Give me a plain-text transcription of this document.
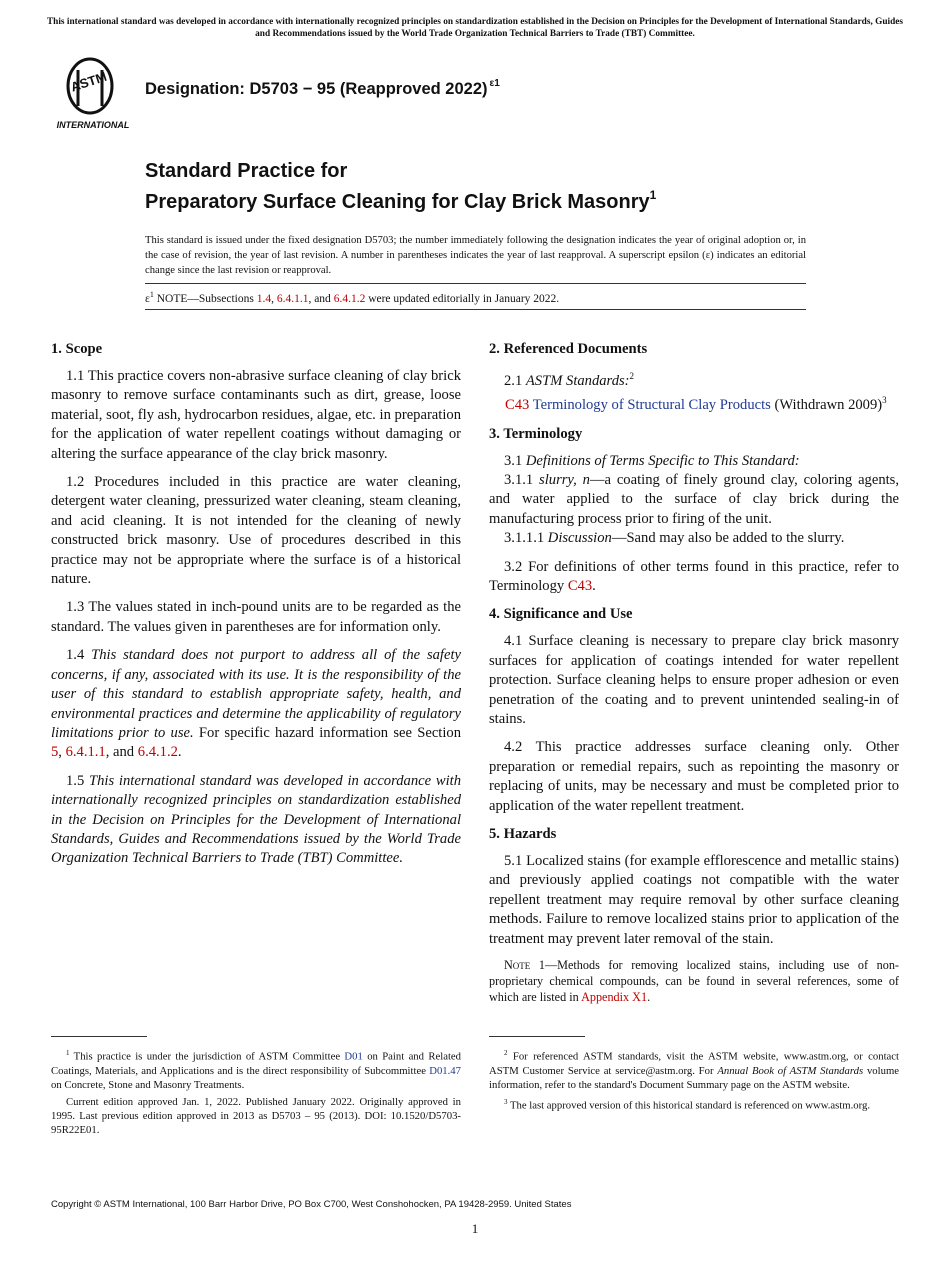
This international standard was developed in accordance with internationally recognized principles on standardization established in the Decision on Principles for the Development of International Standards, Guides and Recommendations issued by the World Trade Organization Technical Barriers to Trade (TBT) Committee.
ASTM
INTERNATIONAL
Designation: D5703 − 95 (Reapproved 2022) $^{\varepsilon 1}$
Standard Practice for
Preparatory Surface Cleaning for Clay Brick Masonry$^1$
This standard is issued under the fixed designation D5703; the number immediately following the designation indicates the year of original adoption or, in the case of revision, the year of last revision. A number in parentheses indicates the year of last reapproval. A superscript epsilon (ε) indicates an editorial change since the last revision or reapproval.
$\varepsilon^1$ NOTE—Subsections 1.4, 6.4.1.1, and 6.4.1.2 were updated editorially in January 2022.
1. Scope

1.1 This practice covers non-abrasive surface cleaning of clay brick masonry to remove surface contaminants such as dirt, grease, loose material, soot, fly ash, hydrocarbon residues, algae, etc. in preparation for the application of water repellent coatings without damaging or altering the surface appearance of the clay brick masonry.

1.2 Procedures included in this practice are water cleaning, detergent water cleaning, pressurized water cleaning, steam cleaning, and acid cleaning. It is not intended for the cleaning of newly constructed brick masonry. Use of procedures described in this practice may not be appropriate where the surface is of a historical nature.

1.3 The values stated in inch-pound units are to be regarded as the standard. The values given in parentheses are for information only.

1.4 This standard does not purport to address all of the safety concerns, if any, associated with its use. It is the responsibility of the user of this standard to establish appropriate safety, health, and environmental practices and determine the applicability of regulatory limitations prior to use. For specific hazard information see Section 5, 6.4.1.1, and 6.4.1.2.

1.5 This international standard was developed in accordance with internationally recognized principles on standardization established in the Decision on Principles for the Development of International Standards, Guides and Recommendations issued by the World Trade Organization Technical Barriers to Trade (TBT) Committee.

2. Referenced Documents

2.1 ASTM Standards:$^2$

C43 Terminology of Structural Clay Products (Withdrawn 2009)$^3$
3. Terminology

3.1 Definitions of Terms Specific to This Standard:

3.1.1 slurry, n—a coating of finely ground clay, coloring agents, and water applied to the surface of clay brick during the manufacturing process prior to firing of the unit.

3.1.1.1 Discussion—Sand may also be added to the slurry.

3.2 For definitions of other terms found in this practice, refer to Terminology C43.

4. Significance and Use

4.1 Surface cleaning is necessary to prepare clay brick masonry surfaces for application of coatings intended for water repellent protection. Surface cleaning helps to ensure proper adhesion or even penetration of the coating and to prevent unintended sealing-in of stains.

4.2 This practice addresses surface cleaning only. Other preparation or remedial repairs, such as repointing the masonry or replacing of units, may be necessary and must be completed prior to application of the water repellent treatment.

5. Hazards

5.1 Localized stains (for example efflorescence and metallic stains) and previously applied coatings not compatible with the water repellent treatment may require removal by other surface cleaning methods. Failure to remove localized stains prior to application of the treatment may prevent later removal of the stain.

Note 1—Methods for removing localized stains, including use of non-proprietary chemical compounds, can be found in several references, some of which are listed in Appendix X1.

$^1$ This practice is under the jurisdiction of ASTM Committee D01 on Paint and Related Coatings, Materials, and Applications and is the direct responsibility of Subcommittee D01.47 on Concrete, Stone and Masonry Treatments.

Current edition approved Jan. 1, 2022. Published January 2022. Originally approved in 1995. Last previous edition approved in 2013 as D5703 – 95 (2013). DOI: 10.1520/D5703-95R22E01.

$^2$ For referenced ASTM standards, visit the ASTM website, www.astm.org, or contact ASTM Customer Service at service@astm.org. For Annual Book of ASTM Standards volume information, refer to the standard's Document Summary page on the ASTM website.

$^3$ The last approved version of this historical standard is referenced on www.astm.org.

Copyright © ASTM International, 100 Barr Harbor Drive, PO Box C700, West Conshohocken, PA 19428-2959. United States
1
